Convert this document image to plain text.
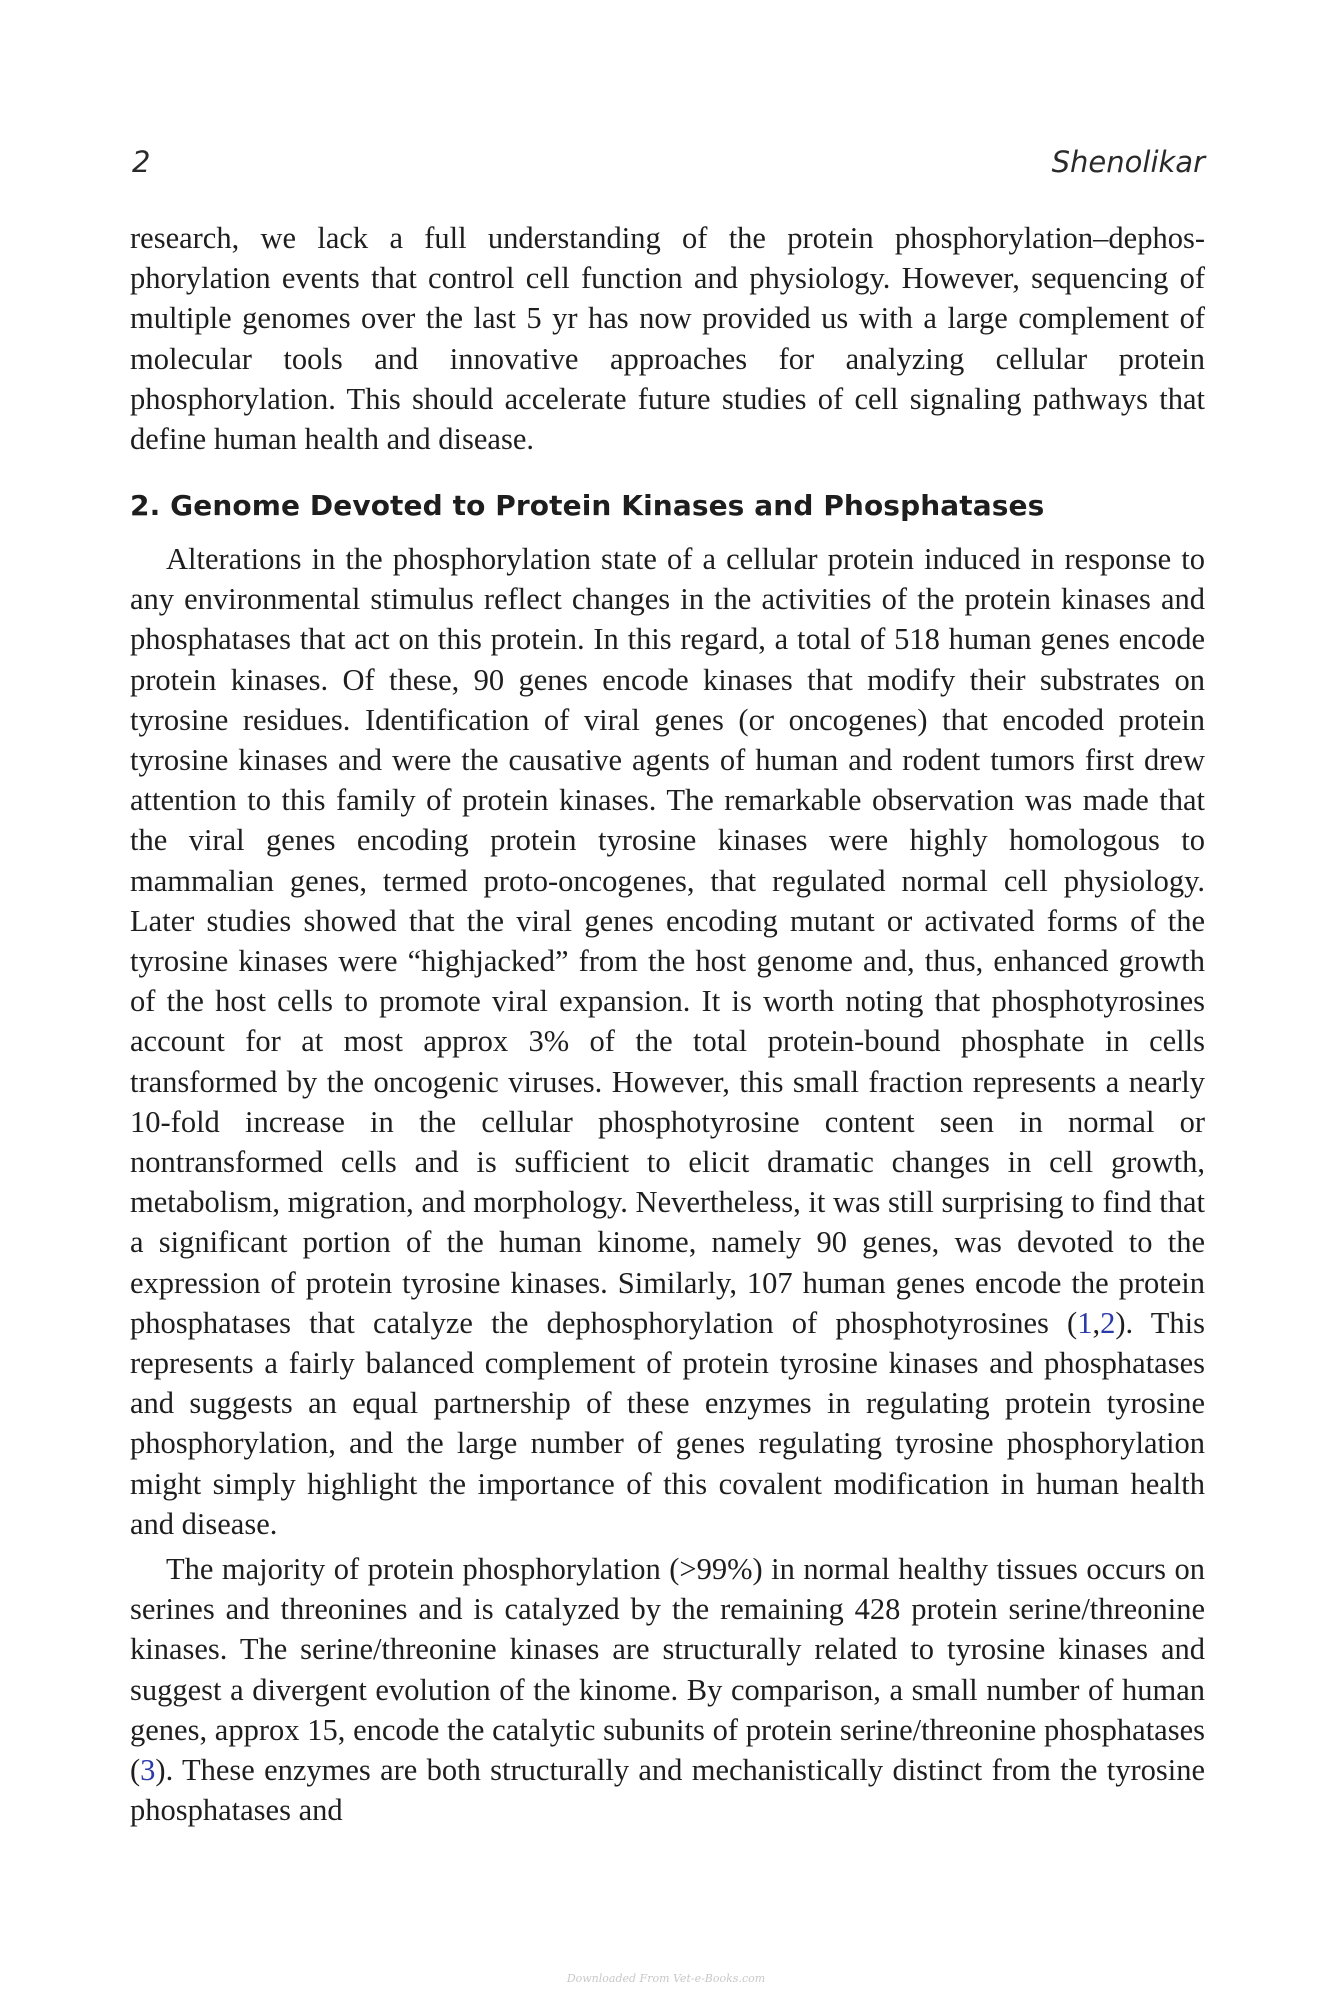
2	Shenolikar

research, we lack a full understanding of the protein phosphorylation–dephosphorylation events that control cell function and physiology. However, sequencing of multiple genomes over the last 5 yr has now provided us with a large complement of molecular tools and innovative approaches for analyzing cellular protein phosphorylation. This should accelerate future studies of cell signaling pathways that define human health and disease.

2. Genome Devoted to Protein Kinases and Phosphatases

Alterations in the phosphorylation state of a cellular protein induced in response to any environmental stimulus reflect changes in the activities of the protein kinases and phosphatases that act on this protein. In this regard, a total of 518 human genes encode protein kinases. Of these, 90 genes encode kinases that modify their substrates on tyrosine residues. Identification of viral genes (or oncogenes) that encoded protein tyrosine kinases and were the causative agents of human and rodent tumors first drew attention to this family of protein kinases. The remarkable observation was made that the viral genes encoding protein tyrosine kinases were highly homologous to mammalian genes, termed proto-oncogenes, that regulated normal cell physiology. Later studies showed that the viral genes encoding mutant or activated forms of the tyrosine kinases were “highjacked” from the host genome and, thus, enhanced growth of the host cells to promote viral expansion. It is worth noting that phosphotyrosines account for at most approx 3% of the total protein-bound phosphate in cells transformed by the oncogenic viruses. However, this small fraction represents a nearly 10-fold increase in the cellular phosphotyrosine content seen in normal or nontransformed cells and is sufficient to elicit dramatic changes in cell growth, metabolism, migration, and morphology. Nevertheless, it was still surprising to find that a significant portion of the human kinome, namely 90 genes, was devoted to the expression of protein tyrosine kinases. Similarly, 107 human genes encode the protein phosphatases that catalyze the dephosphorylation of phosphotyrosines (1,2). This represents a fairly balanced complement of protein tyrosine kinases and phosphatases and suggests an equal partnership of these enzymes in regulating protein tyrosine phosphorylation, and the large number of genes regulating tyrosine phosphorylation might simply highlight the importance of this covalent modification in human health and disease.

The majority of protein phosphorylation (>99%) in normal healthy tissues occurs on serines and threonines and is catalyzed by the remaining 428 protein serine/threonine kinases. The serine/threonine kinases are structurally related to tyrosine kinases and suggest a divergent evolution of the kinome. By comparison, a small number of human genes, approx 15, encode the catalytic subunits of protein serine/threonine phosphatases (3). These enzymes are both structurally and mechanistically distinct from the tyrosine phosphatases and

Downloaded From Vet-e-Books.com
